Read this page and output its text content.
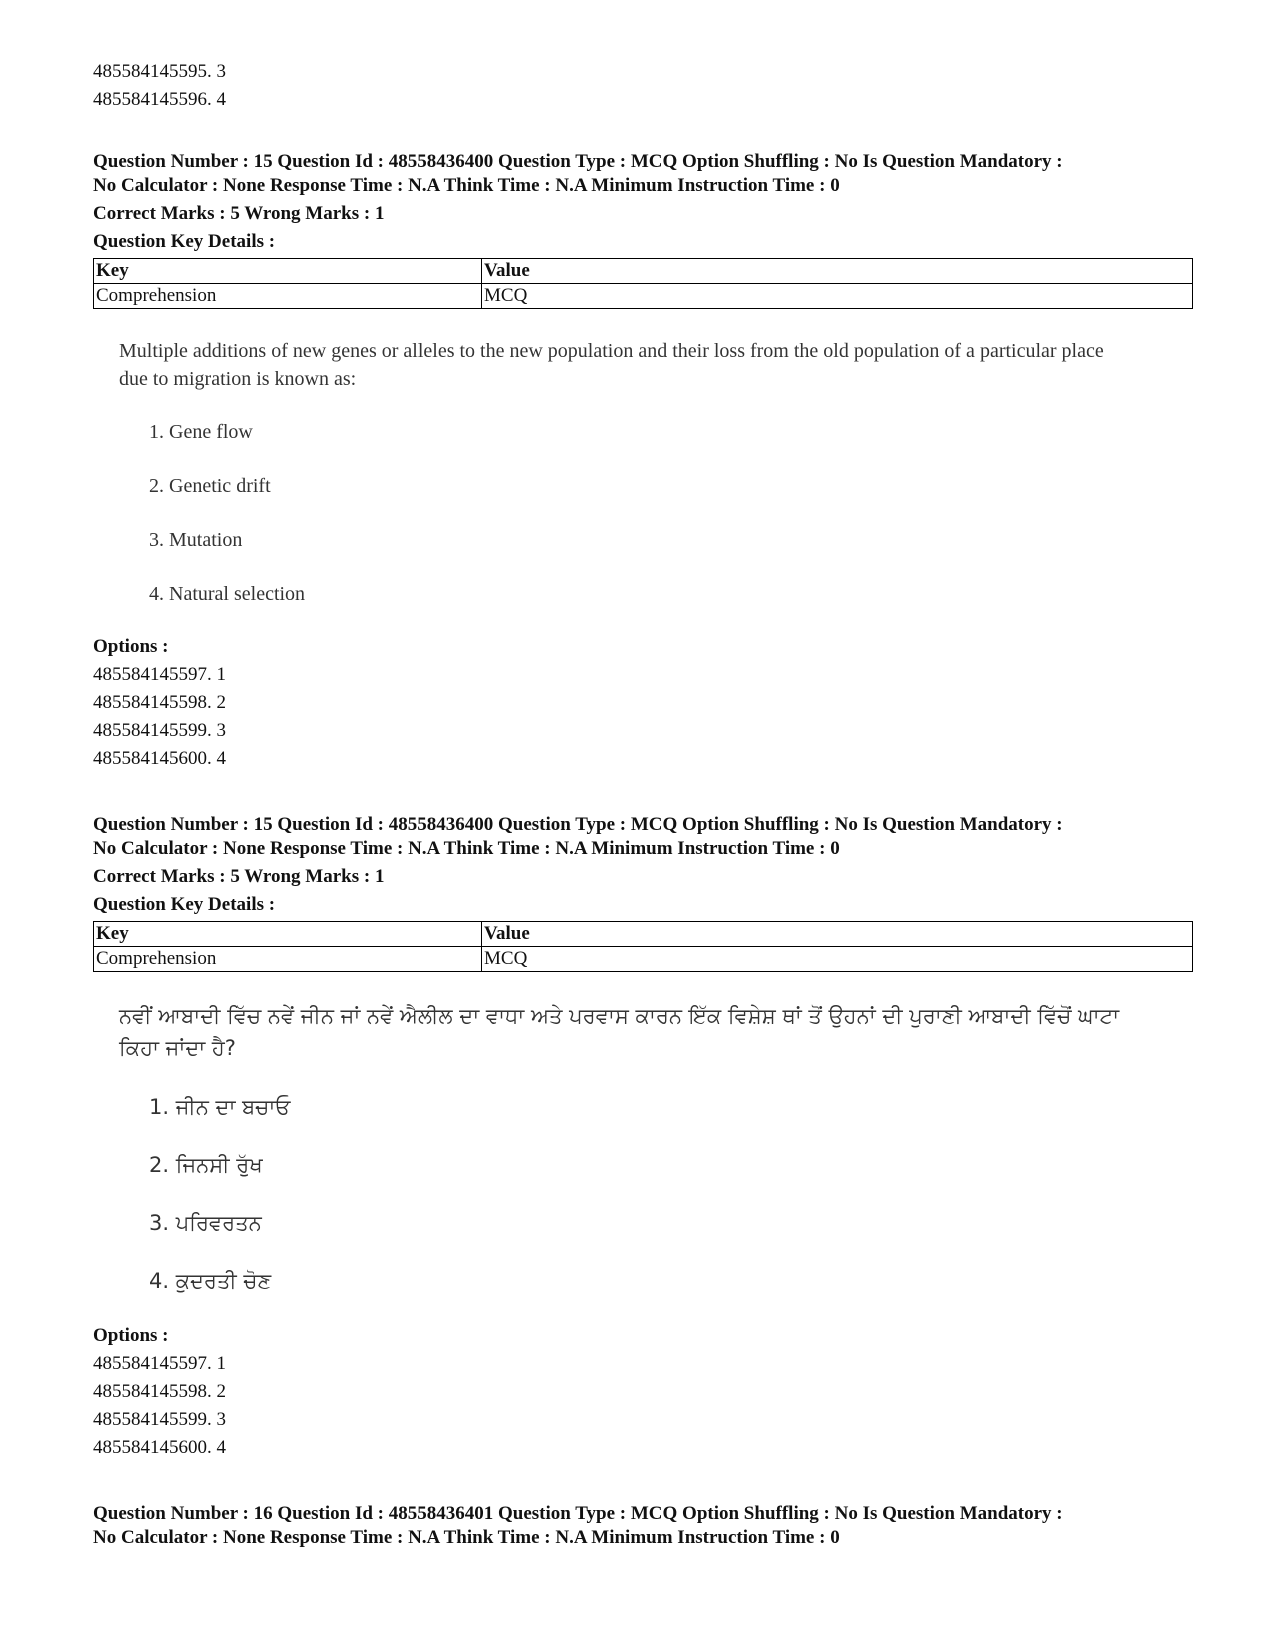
485584145595. 3
485584145596. 4
Question Number : 15 Question Id : 48558436400 Question Type : MCQ Option Shuffling : No Is Question Mandatory :
No Calculator : None Response Time : N.A Think Time : N.A Minimum Instruction Time : 0
Correct Marks : 5 Wrong Marks : 1
Question Key Details :
Key	Value
Comprehension	MCQ
Multiple additions of new genes or alleles to the new population and their loss from the old population of a particular place due to migration is known as:
1. Gene flow
2. Genetic drift
3. Mutation
4. Natural selection
Options :
485584145597. 1
485584145598. 2
485584145599. 3
485584145600. 4
Question Number : 15 Question Id : 48558436400 Question Type : MCQ Option Shuffling : No Is Question Mandatory :
No Calculator : None Response Time : N.A Think Time : N.A Minimum Instruction Time : 0
Correct Marks : 5 Wrong Marks : 1
Question Key Details :
Key	Value
Comprehension	MCQ
ਨਵੀਂ ਆਬਾਦੀ ਵਿੱਚ ਨਵੇਂ ਜੀਨ ਜਾਂ ਨਵੇਂ ਐਲੀਲ ਦਾ ਵਾਧਾ ਅਤੇ ਪਰਵਾਸ ਕਾਰਨ ਇੱਕ ਵਿਸ਼ੇਸ਼ ਥਾਂ ਤੋਂ ਉਹਨਾਂ ਦੀ ਪੁਰਾਣੀ ਆਬਾਦੀ ਵਿੱਚੋਂ ਘਾਟਾ ਕਿਹਾ ਜਾਂਦਾ ਹੈ?
1. ਜੀਨ ਦਾ ਬਚਾਓ
2. ਜਿਨਸੀ ਰੁੱਖ
3. ਪਰਿਵਰਤਨ
4. ਕੁਦਰਤੀ ਚੋਣ
Options :
485584145597. 1
485584145598. 2
485584145599. 3
485584145600. 4
Question Number : 16 Question Id : 48558436401 Question Type : MCQ Option Shuffling : No Is Question Mandatory :
No Calculator : None Response Time : N.A Think Time : N.A Minimum Instruction Time : 0
